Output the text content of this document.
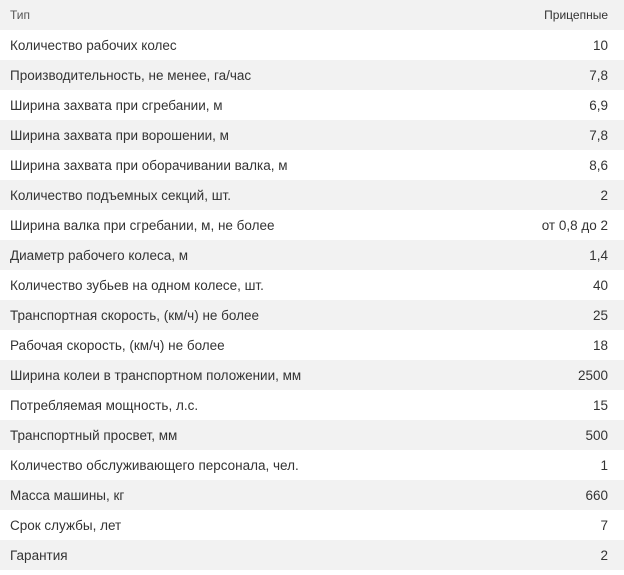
Тип	Прицепные
Количество рабочих колес	10
Производительность, не менее, га/час	7,8
Ширина захвата при сгребании, м	6,9
Ширина захвата при ворошении, м	7,8
Ширина захвата при оборачивании валка, м	8,6
Количество подъемных секций, шт.	2
Ширина валка при сгребании, м, не более	от 0,8 до 2
Диаметр рабочего колеса, м	1,4
Количество зубьев на одном колесе, шт.	40
Транспортная скорость, (км/ч) не более	25
Рабочая скорость, (км/ч) не более	18
Ширина колеи в транспортном положении, мм	2500
Потребляемая мощность, л.с.	15
Транспортный просвет, мм	500
Количество обслуживающего персонала, чел.	1
Масса машины, кг	660
Срок службы, лет	7
Гарантия	2
